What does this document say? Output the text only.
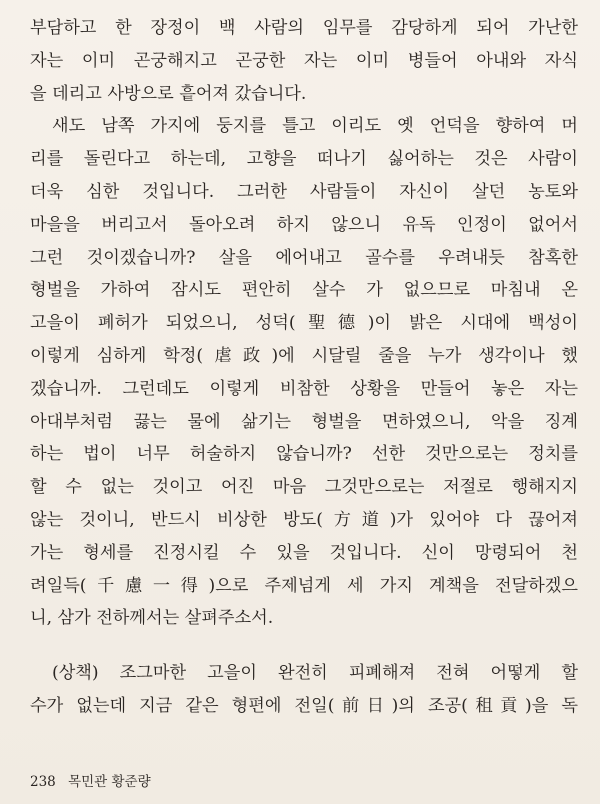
부담하고 한 장정이 백 사람의 임무를 감당하게 되어 가난한
자는 이미 곤궁해지고 곤궁한 자는 이미 병들어 아내와 자식
을 데리고 사방으로 흩어져 갔습니다.
새도 남쪽 가지에 둥지를 틀고 이리도 옛 언덕을 향하여 머
리를 돌린다고 하는데, 고향을 떠나기 싫어하는 것은 사람이
더욱 심한 것입니다. 그러한 사람들이 자신이 살던 농토와
마을을 버리고서 돌아오려 하지 않으니 유독 인정이 없어서
그런 것이겠습니까? 살을 에어내고 골수를 우려내듯 참혹한
형벌을 가하여 잠시도 편안히 살수 가 없으므로 마침내 온
고을이 폐허가 되었으니, 성덕(聖德)이 밝은 시대에 백성이
이렇게 심하게 학정(虐政)에 시달릴 줄을 누가 생각이나 했
겠습니까. 그런데도 이렇게 비참한 상황을 만들어 놓은 자는
아대부처럼 끓는 물에 삶기는 형벌을 면하였으니, 악을 징계
하는 법이 너무 허술하지 않습니까? 선한 것만으로는 정치를
할 수 없는 것이고 어진 마음 그것만으로는 저절로 행해지지
않는 것이니, 반드시 비상한 방도(方道)가 있어야 다 끊어져
가는 형세를 진정시킬 수 있을 것입니다. 신이 망령되어 천
려일득(千慮一得)으로 주제넘게 세 가지 계책을 전달하겠으
니, 삼가 전하께서는 살펴주소서.
(상책) 조그마한 고을이 완전히 피폐해져 전혀 어떻게 할
수가 없는데 지금 같은 형편에 전일(前日)의 조공(租貢)을 독
238 목민관 황준량
